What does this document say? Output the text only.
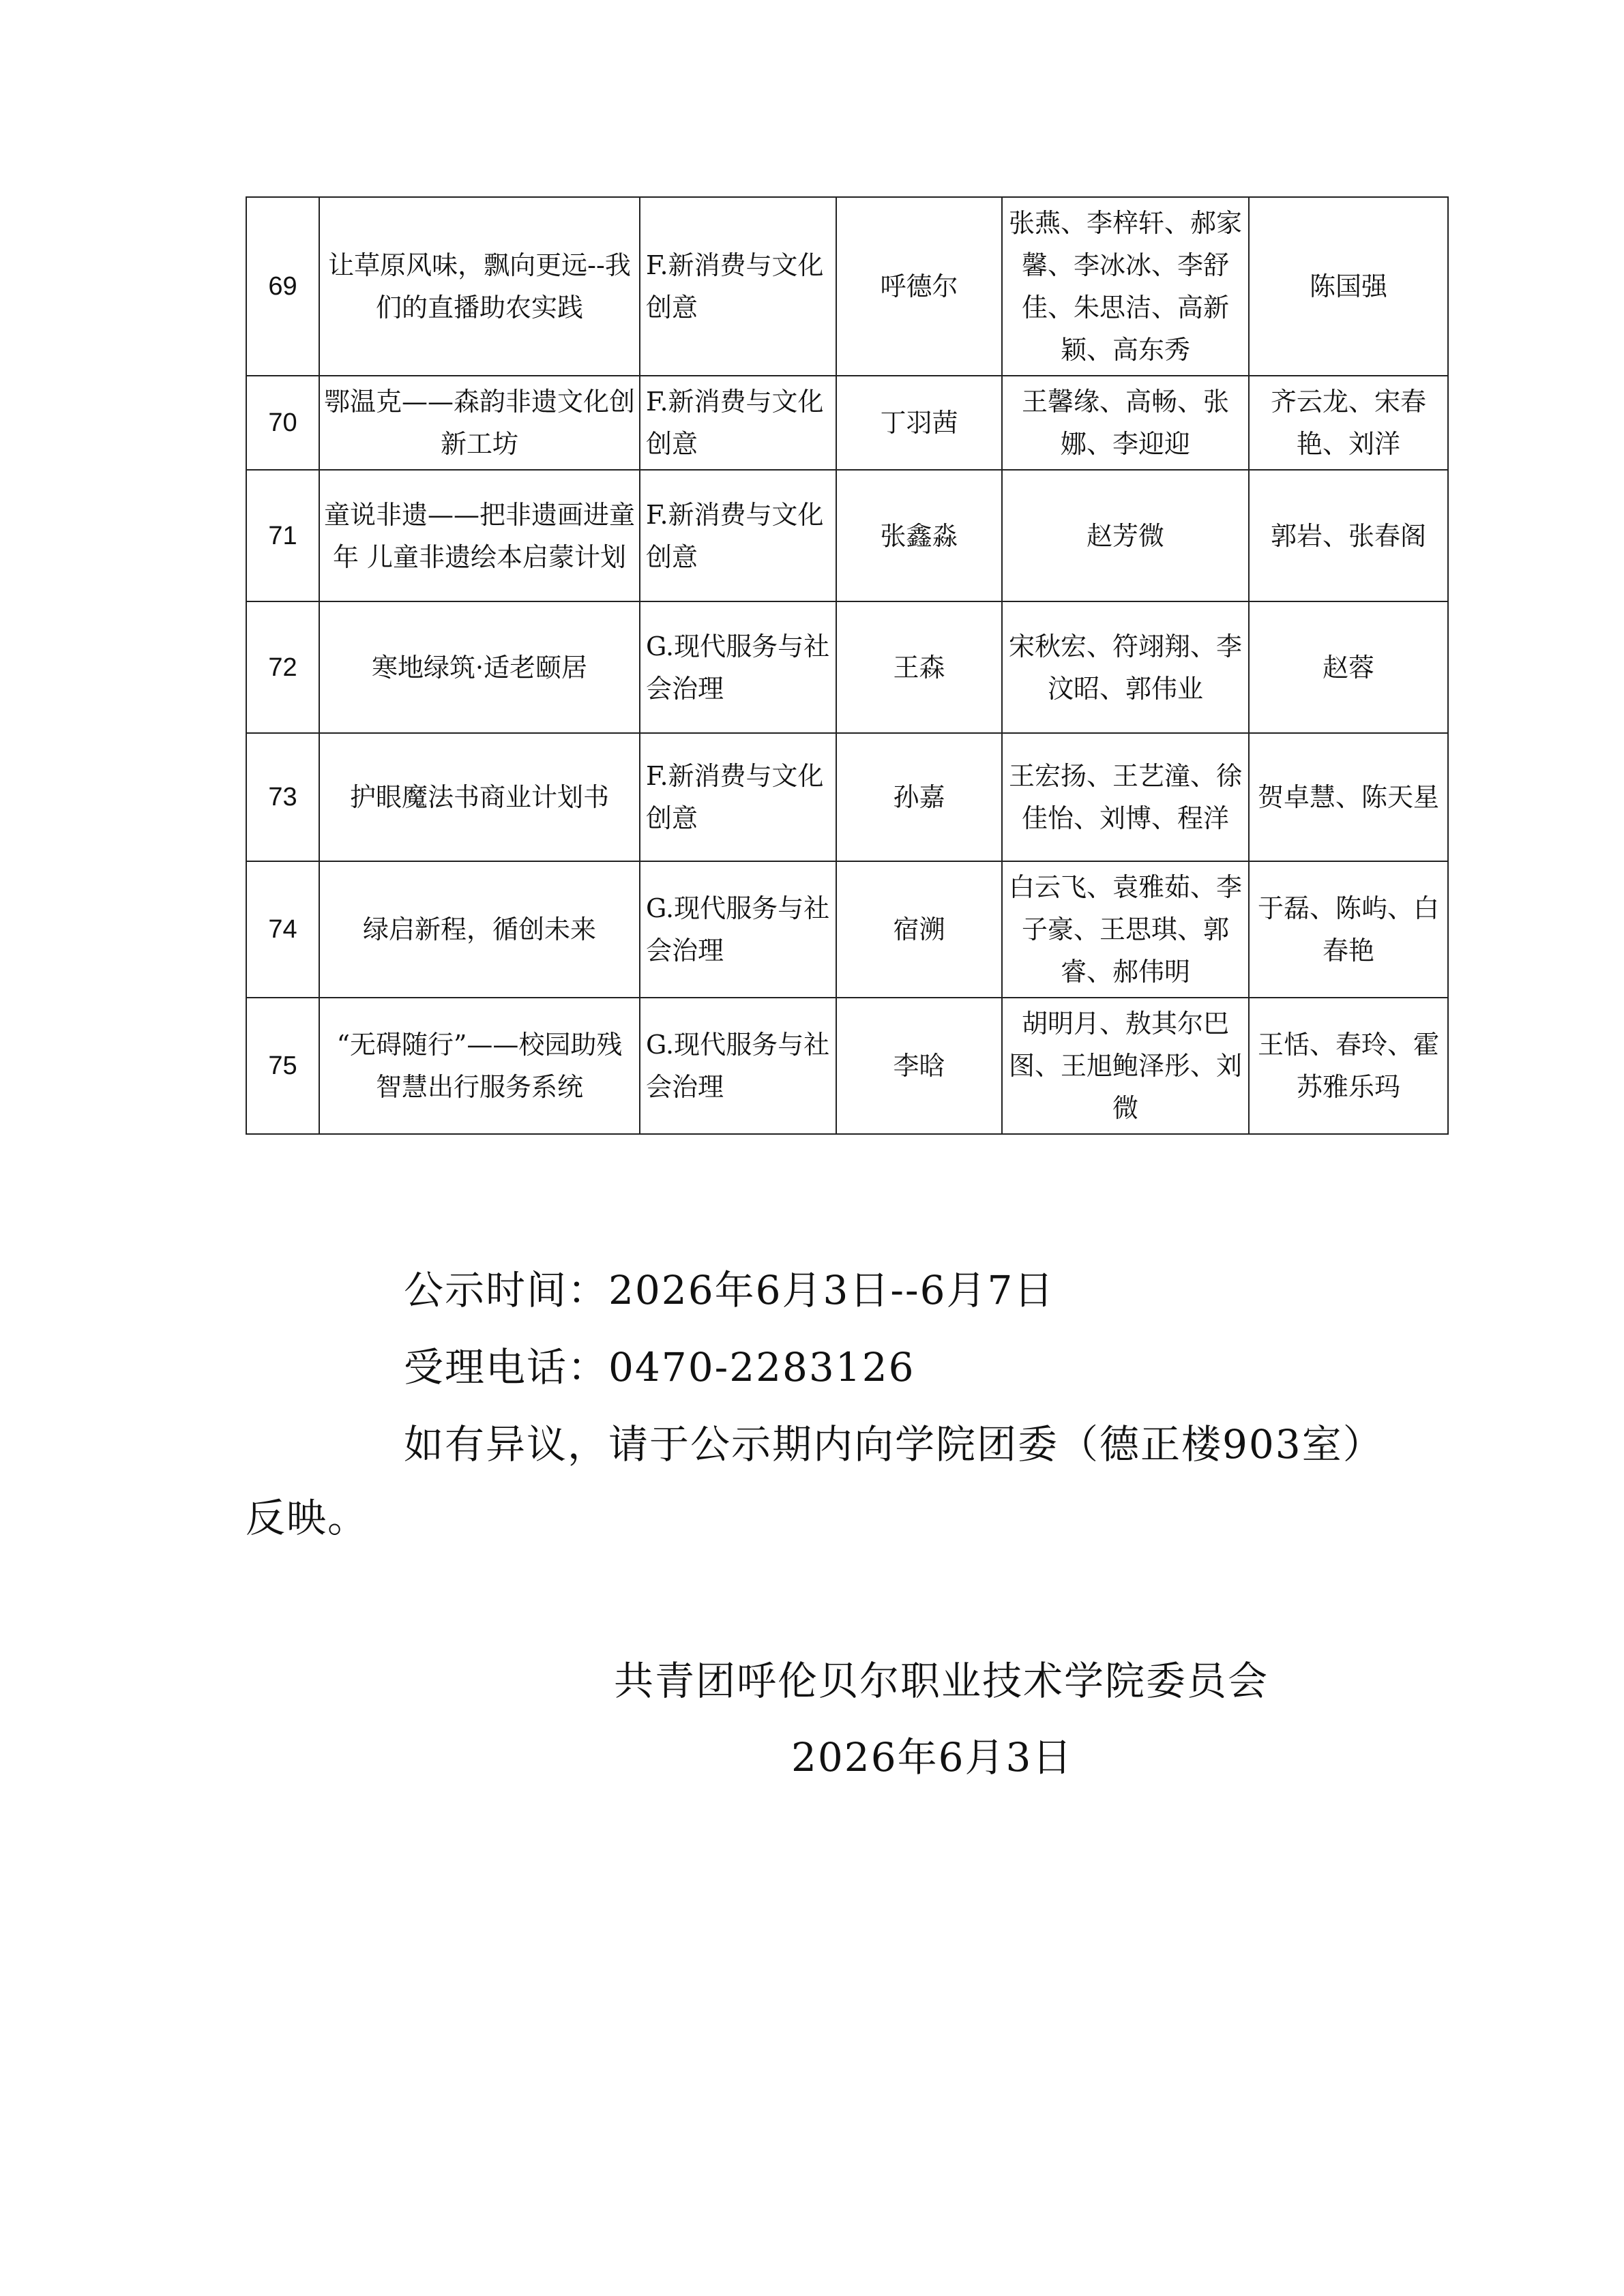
69	让草原风味，飘向更远--我们的直播助农实践	F.新消费与文化创意	呼德尔	张燕、李梓轩、郝家馨、李冰冰、李舒佳、朱思洁、高新颖、高东秀	陈国强
70	鄂温克——森韵非遗文化创新工坊	F.新消费与文化创意	丁羽茜	王馨缘、高畅、张娜、李迎迎	齐云龙、宋春艳、刘洋
71	童说非遗——把非遗画进童年 儿童非遗绘本启蒙计划	F.新消费与文化创意	张鑫淼	赵芳微	郭岩、张春阁
72	寒地绿筑·适老颐居	G.现代服务与社会治理	王森	宋秋宏、符翊翔、李汶昭、郭伟业	赵蓉
73	护眼魔法书商业计划书	F.新消费与文化创意	孙嘉	王宏扬、王艺潼、徐佳怡、刘博、程洋	贺卓慧、陈天星
74	绿启新程，循创未来	G.现代服务与社会治理	宿溯	白云飞、袁雅茹、李子豪、王思琪、郭睿、郝伟明	于磊、陈屿、白春艳
75	“无碍随行”——校园助残智慧出行服务系统	G.现代服务与社会治理	李晗	胡明月、敖其尔巴图、王旭鲍泽彤、刘微	王恬、春玲、霍苏雅乐玛
公示时间：2026年6月3日--6月7日
受理电话：0470-2283126
如有异议，请于公示期内向学院团委（德正楼903室）反映。
共青团呼伦贝尔职业技术学院委员会
2026年6月3日
